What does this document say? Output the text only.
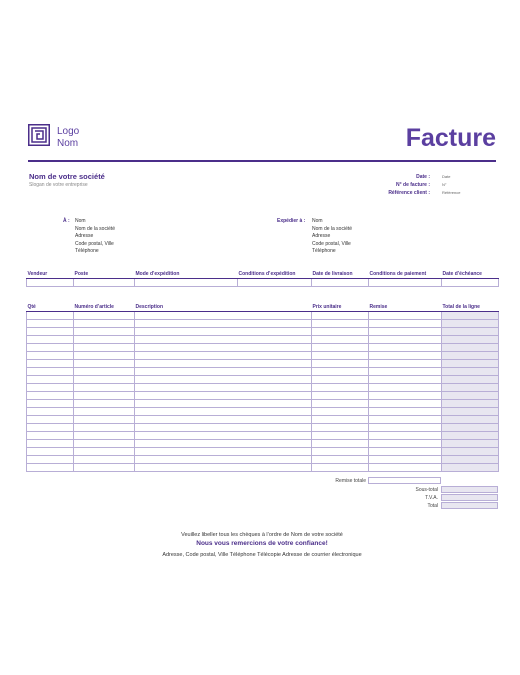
Logo
Nom	Facture
Nom de votre société
Slogan de votre entreprise
Date :	Date
N° de facture :	N°
Référence client :	Référence
À : Nom
Nom de la société
Adresse
Code postal, Ville
Téléphone
Expédier à : Nom
Nom de la société
Adresse
Code postal, Ville
Téléphone
Vendeur	Poste	Mode d’expédition	Conditions d’expédition	Date de livraison	Conditions de paiement	Date d’échéance

Qté	Numéro d’article	Description	Prix unitaire	Remise	Total de la ligne

Remise totale
Sous-total
T.V.A.
Total
Veuillez libeller tous les chèques à l’ordre de Nom de votre société
Nous vous remercions de votre confiance!
Adresse, Code postal, Ville Téléphone Télécopie Adresse de courrier électronique
